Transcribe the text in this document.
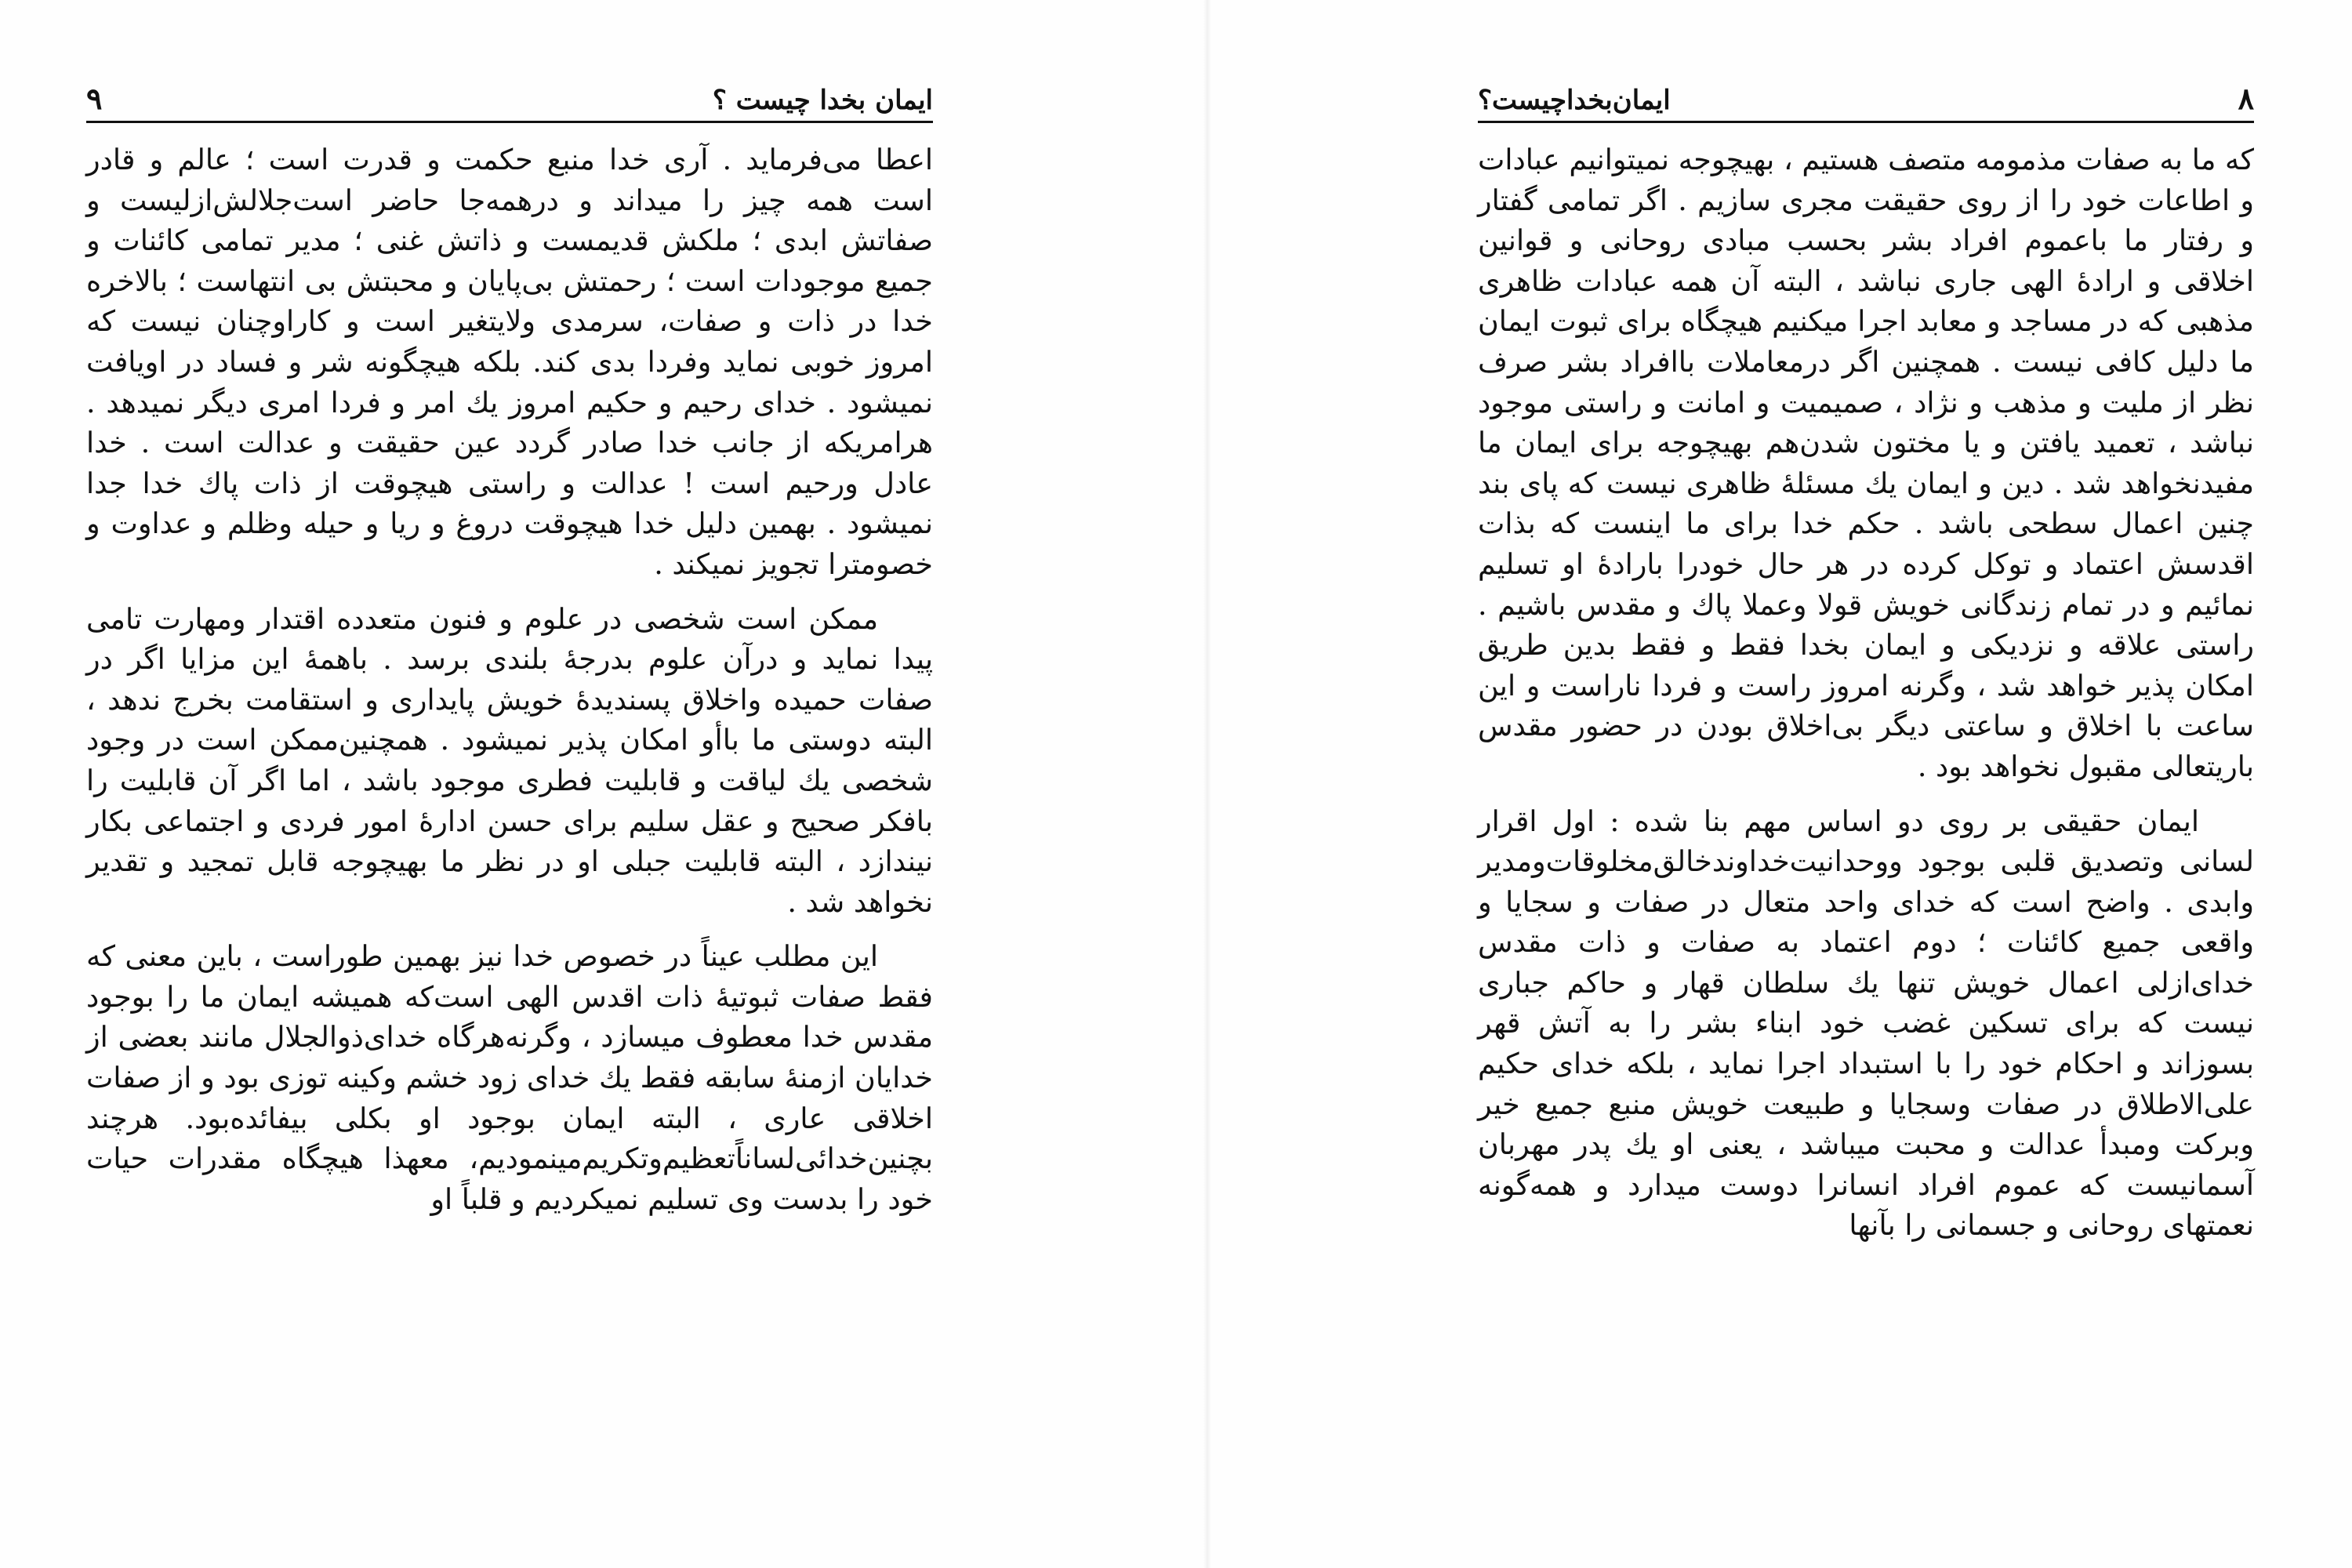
ایمان بخدا چیست ؟
۹

اعطا می‌فرماید . آری خدا منبع حکمت و قدرت است ؛ عالم و قادر است همه چیز را میداند و درهمه‌جا حاضر است‌جلالش‌ازلیست و صفاتش ابدی ؛ ملکش قدیمست و ذاتش غنی ؛ مدیر تمامی کائنات و جمیع موجودات است ؛ رحمتش بی‌پایان و محبتش بی انتهاست ؛ بالاخره خدا در ذات و صفات، سرمدی ولایتغیر است و کاراوچنان نیست که امروز خوبی نماید وفردا بدی کند. بلکه هیچگونه شر و فساد در اویافت نمیشود . خدای رحیم و حکیم امروز یك امر و فردا امری دیگر نمیدهد . هرامریکه از جانب خدا صادر گردد عین حقیقت و عدالت است . خدا عادل ورحیم است ! عدالت و راستی هیچوقت از ذات پاك خدا جدا نمیشود . بهمین دلیل خدا هیچوقت دروغ و ریا و حیله وظلم و عداوت و خصومترا تجویز نمیکند .

ممکن است شخصی در علوم و فنون متعدده اقتدار ومهارت تامی پیدا نماید و درآن علوم بدرجهٔ بلندی برسد . باهمهٔ این مزایا اگر در صفات حمیده واخلاق پسندیدهٔ خویش پایداری و استقامت بخرج ندهد ، البته دوستی ما باأو امکان پذیر نمیشود . همچنین‌ممکن است در وجود شخصی یك لیاقت و قابلیت فطری موجود باشد ، اما اگر آن قابلیت را بافکر صحیح و عقل سلیم برای حسن ادارهٔ امور فردی و اجتماعی بکار نیندازد ، البته قابلیت جبلی او در نظر ما بهیچوجه قابل تمجید و تقدیر نخواهد شد .

این مطلب عیناً در خصوص خدا نیز بهمین طوراست ، باین معنی که فقط صفات ثبوتیهٔ ذات اقدس الهی است‌که همیشه ایمان ما را بوجود مقدس خدا معطوف میسازد ، وگرنه‌هرگاه خدای‌ذوالجلال مانند بعضی از خدایان ازمنهٔ سابقه فقط یك خدای زود خشم وکینه توزی بود و از صفات اخلاقی عاری ، البته ایمان بوجود او بکلی بیفائده‌بود. هرچند بچنین‌خدائی‌لساناً‌تعظیم‌وتکریم‌مینمودیم، معهذا هیچگاه مقدرات حیات خود را بدست وی تسلیم نمیکردیم و قلباً او

ایمان‌بخداچیست؟	۸

که ما به صفات مذمومه متصف هستیم ، بهیچوجه نمیتوانیم عبادات و اطاعات خود را از روی حقیقت مجری سازیم . اگر تمامی گفتار و رفتار ما باعموم افراد بشر بحسب مبادی روحانی و قوانین اخلاقی و ارادهٔ الهی جاری نباشد ، البته آن همه عبادات ظاهری مذهبی که در مساجد و معابد اجرا میکنیم هیچگاه برای ثبوت ایمان ما دلیل کافی نیست . همچنین اگر درمعاملات باافراد بشر صرف نظر از ملیت و مذهب و نژاد ، صمیمیت و امانت و راستی موجود نباشد ، تعمید یافتن و یا مختون شدن‌هم بهیچوجه برای ایمان ما مفیدنخواهد شد . دین و ایمان یك مسئلهٔ ظاهری نیست که پای بند چنین اعمال سطحی باشد . حکم خدا برای ما اینست که بذات اقدسش اعتماد و توکل کرده در هر حال خودرا بارادهٔ او تسلیم نمائیم و در تمام زندگانی خویش قولا وعملا پاك و مقدس باشیم . راستی علاقه و نزدیکی و ایمان بخدا فقط و فقط بدین طریق امکان پذیر خواهد شد ، وگرنه امروز راست و فردا ناراست و این ساعت با اخلاق و ساعتی دیگر بی‌اخلاق بودن در حضور مقدس باریتعالی مقبول نخواهد بود .

ایمان حقیقی بر روی دو اساس مهم بنا شده : اول اقرار لسانی وتصدیق قلبی بوجود ووحدانیت‌خداوندخالق‌مخلوقات‌ومدیر وابدی . واضح است که خدای واحد متعال در صفات و سجایا و واقعی جمیع کائنات ؛ دوم اعتماد به صفات و ذات مقدس خدای‌ازلی اعمال خویش تنها یك سلطان قهار و حاکم جباری نیست که برای تسکین غضب خود ابناء بشر را به آتش قهر بسوزاند و احکام خود را با استبداد اجرا نماید ، بلکه خدای حکیم علی‌الاطلاق در صفات وسجایا و طبیعت خویش منبع جمیع خیر وبرکت ومبدأ عدالت و محبت میباشد ، یعنی او یك پدر مهربان آسمانیست که عموم افراد انسانرا دوست میدارد و همه‌گونه نعمتهای روحانی و جسمانی را بآنها
